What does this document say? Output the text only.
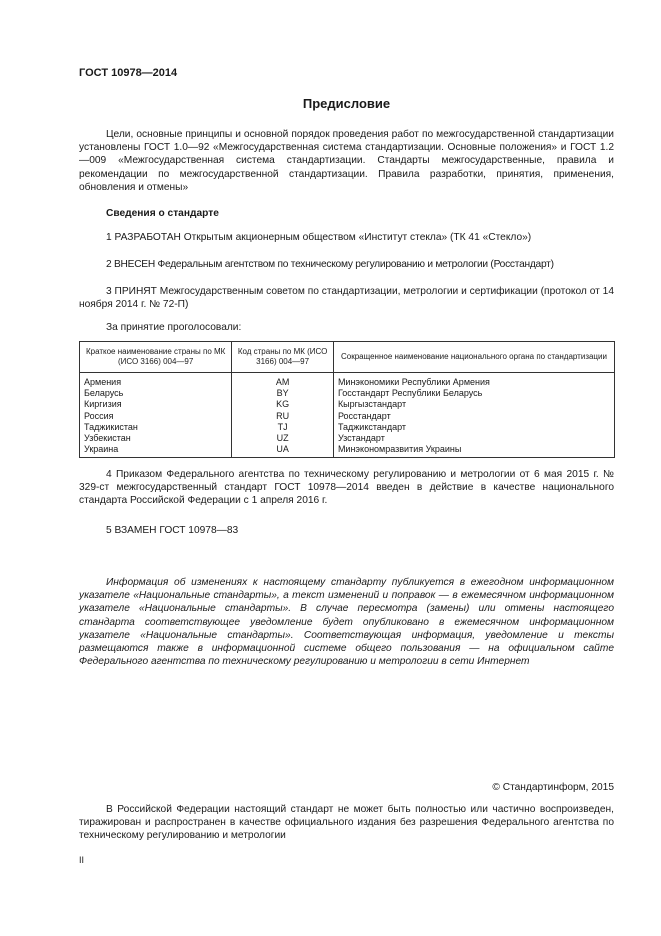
ГОСТ 10978—2014
Предисловие
Цели, основные принципы и основной порядок проведения работ по межгосударственной стандартизации установлены ГОСТ 1.0—92 «Межгосударственная система стандартизации. Основные положения» и ГОСТ 1.2—009 «Межгосударственная система стандартизации. Стандарты межгосударственные, правила и рекомендации по межгосударственной стандартизации. Правила разработки, принятия, применения, обновления и отмены»
Сведения о стандарте
1 РАЗРАБОТАН Открытым акционерным обществом «Институт стекла» (ТК 41 «Стекло»)
2 ВНЕСЕН Федеральным агентством по техническому регулированию и метрологии (Росстандарт)
3 ПРИНЯТ Межгосударственным советом по стандартизации, метрологии и сертификации (протокол от 14 ноября 2014 г. № 72-П)
За принятие проголосовали:
Краткое наименование страны по МК (ИСО 3166) 004—97	Код страны по МК (ИСО 3166) 004—97	Сокращенное наименование национального органа по стандартизации
Армения	AM	Минэкономики Республики Армения
Беларусь	BY	Госстандарт Республики Беларусь
Киргизия	KG	Кыргызстандарт
Россия	RU	Росстандарт
Таджикистан	TJ	Таджикстандарт
Узбекистан	UZ	Узстандарт
Украина	UA	Минэкономразвития Украины
4 Приказом Федерального агентства по техническому регулированию и метрологии от 6 мая 2015 г. № 329-ст межгосударственный стандарт ГОСТ 10978—2014 введен в действие в качестве национального стандарта Российской Федерации с 1 апреля 2016 г.
5 ВЗАМЕН ГОСТ 10978—83
Информация об изменениях к настоящему стандарту публикуется в ежегодном информационном указателе «Национальные стандарты», а текст изменений и поправок — в ежемесячном информационном указателе «Национальные стандарты». В случае пересмотра (замены) или отмены настоящего стандарта соответствующее уведомление будет опубликовано в ежемесячном информационном указателе «Национальные стандарты». Соответствующая информация, уведомление и тексты размещаются также в информационной системе общего пользования — на официальном сайте Федерального агентства по техническому регулированию и метрологии в сети Интернет
© Стандартинформ, 2015
В Российской Федерации настоящий стандарт не может быть полностью или частично воспроизведен, тиражирован и распространен в качестве официального издания без разрешения Федерального агентства по техническому регулированию и метрологии
II
